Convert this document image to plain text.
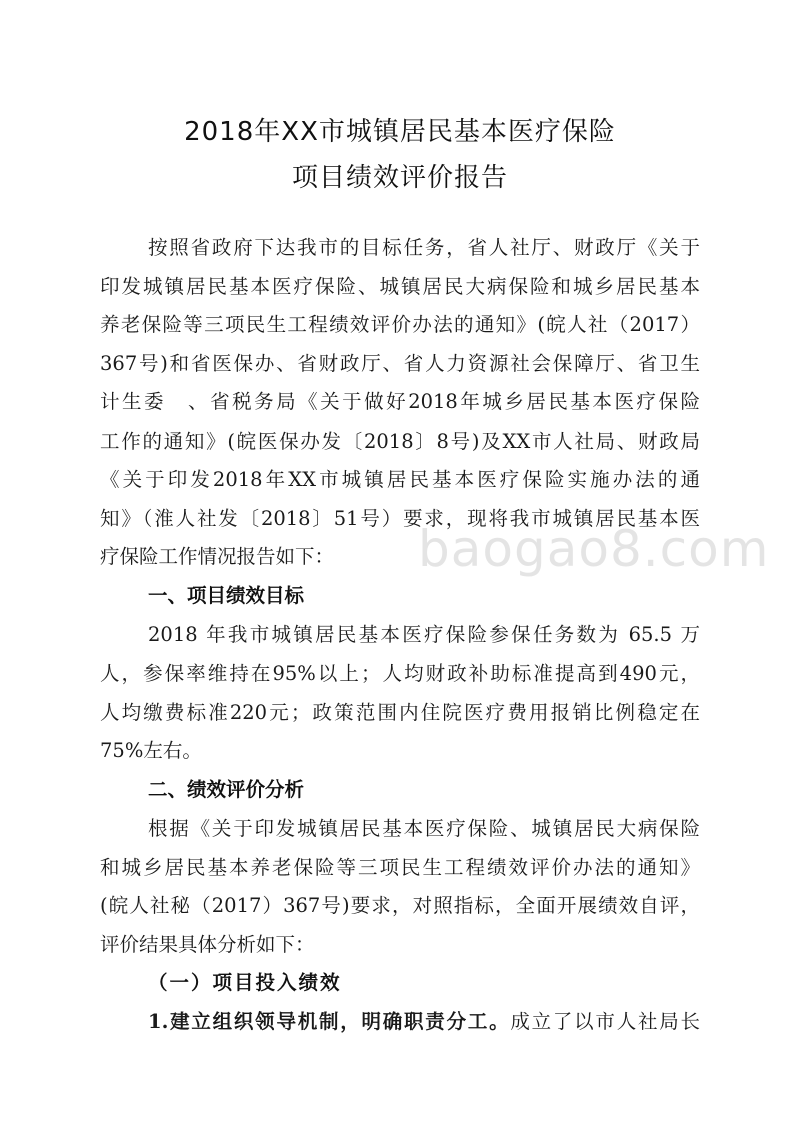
2018年XX市城镇居民基本医疗保险
项目绩效评价报告
按照省政府下达我市的目标任务，省人社厅、财政厅《关于
印发城镇居民基本医疗保险、城镇居民大病保险和城乡居民基本
养老保险等三项民生工程绩效评价办法的通知》(皖人社（2017）
367号)和省医保办、省财政厅、省人力资源社会保障厅、省卫生
计生委　、省税务局《关于做好2018年城乡居民基本医疗保险
工作的通知》(皖医保办发〔2018〕8号)及XX市人社局、财政局
《关于印发2018年XX市城镇居民基本医疗保险实施办法的通
知》（淮人社发〔2018〕51号）要求，现将我市城镇居民基本医
疗保险工作情况报告如下：
一、项目绩效目标
2018 年我市城镇居民基本医疗保险参保任务数为 65.5 万
人，参保率维持在95%以上；人均财政补助标准提高到490元，
人均缴费标准220元；政策范围内住院医疗费用报销比例稳定在
75%左右。
二、绩效评价分析
根据《关于印发城镇居民基本医疗保险、城镇居民大病保险
和城乡居民基本养老保险等三项民生工程绩效评价办法的通知》
(皖人社秘（2017）367号)要求，对照指标，全面开展绩效自评，
评价结果具体分析如下：
（一）项目投入绩效
1.建立组织领导机制，明确职责分工。成立了以市人社局长
baogao8.com
